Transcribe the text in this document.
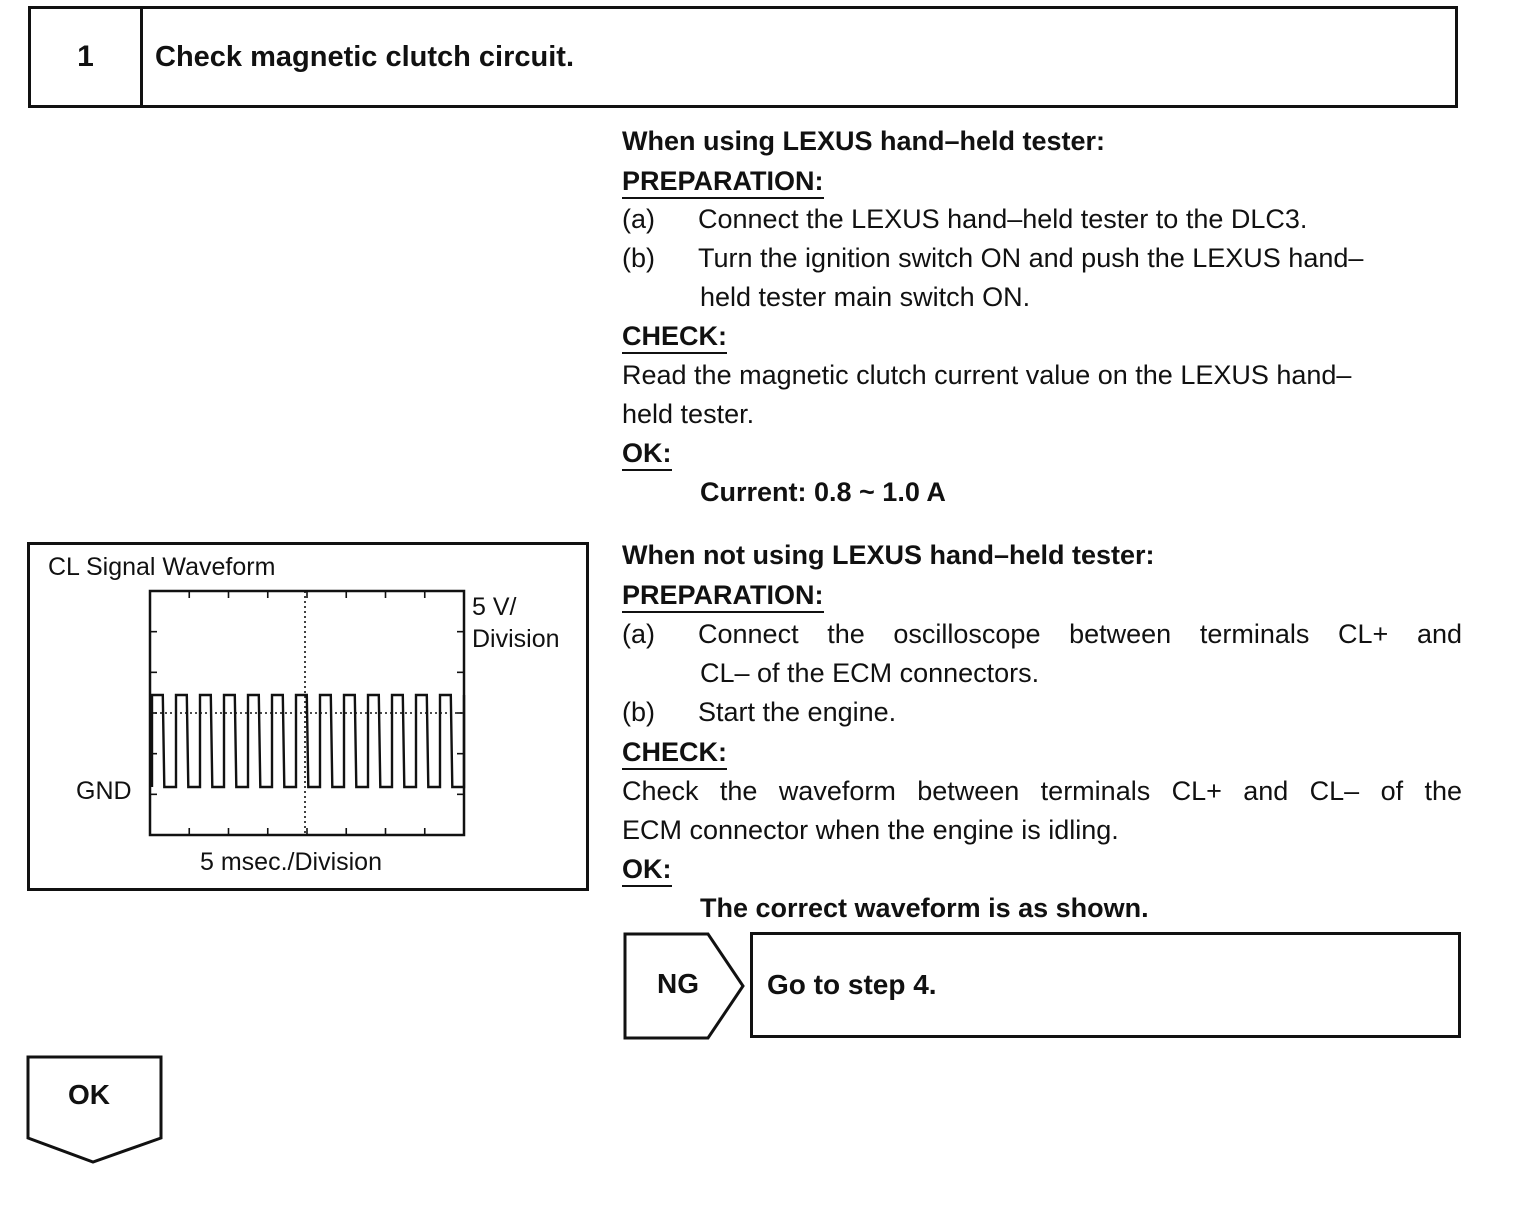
1	Check magnetic clutch circuit.
When using LEXUS hand–held tester:
PREPARATION:
(a) Connect the LEXUS hand–held tester to the DLC3.
(b) Turn the ignition switch ON and push the LEXUS hand–
held tester main switch ON.
CHECK:
Read the magnetic clutch current value on the LEXUS hand–
held tester.
OK:
Current: 0.8 ~ 1.0 A
When not using LEXUS hand–held tester:
PREPARATION:
(a)	Connect the oscilloscope between terminals CL+ and
CL– of the ECM connectors.
(b) Start the engine.
CHECK:
Check the waveform between terminals CL+ and CL– of the
ECM connector when the engine is idling.
OK:
The correct waveform is as shown.
CL Signal Waveform
5 V/
Division
GND
5 msec./Division
NG Go to step 4.
OK
